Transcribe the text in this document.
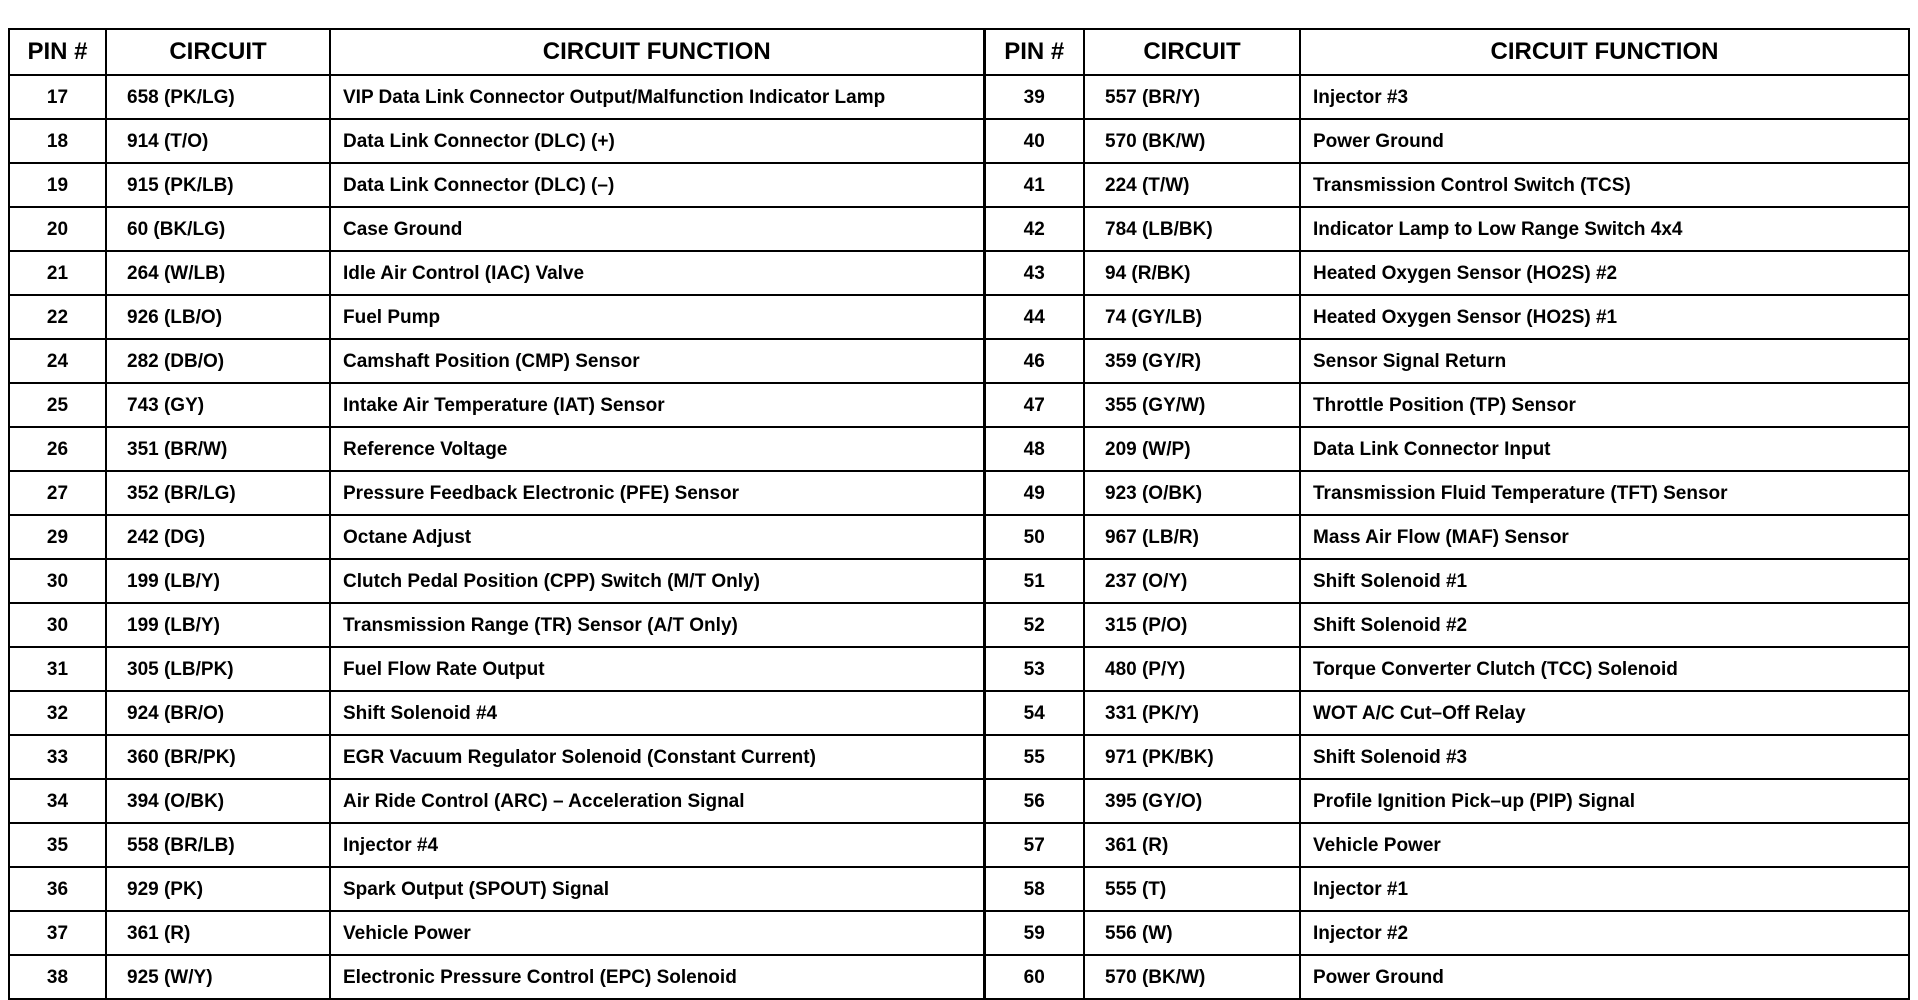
PIN #	CIRCUIT	CIRCUIT FUNCTION	PIN #	CIRCUIT	CIRCUIT FUNCTION
17	658 (PK/LG)	VIP Data Link Connector Output/Malfunction Indicator Lamp	39	557 (BR/Y)	Injector #3
18	914 (T/O)	Data Link Connector (DLC) (+)	40	570 (BK/W)	Power Ground
19	915 (PK/LB)	Data Link Connector (DLC) (–)	41	224 (T/W)	Transmission Control Switch (TCS)
20	60 (BK/LG)	Case Ground	42	784 (LB/BK)	Indicator Lamp to Low Range Switch 4x4
21	264 (W/LB)	Idle Air Control (IAC) Valve	43	94 (R/BK)	Heated Oxygen Sensor (HO2S) #2
22	926 (LB/O)	Fuel Pump	44	74 (GY/LB)	Heated Oxygen Sensor (HO2S) #1
24	282 (DB/O)	Camshaft Position (CMP) Sensor	46	359 (GY/R)	Sensor Signal Return
25	743 (GY)	Intake Air Temperature (IAT) Sensor	47	355 (GY/W)	Throttle Position (TP) Sensor
26	351 (BR/W)	Reference Voltage	48	209 (W/P)	Data Link Connector Input
27	352 (BR/LG)	Pressure Feedback Electronic (PFE) Sensor	49	923 (O/BK)	Transmission Fluid Temperature (TFT) Sensor
29	242 (DG)	Octane Adjust	50	967 (LB/R)	Mass Air Flow (MAF) Sensor
30	199 (LB/Y)	Clutch Pedal Position (CPP) Switch (M/T Only)	51	237 (O/Y)	Shift Solenoid #1
30	199 (LB/Y)	Transmission Range (TR) Sensor (A/T Only)	52	315 (P/O)	Shift Solenoid #2
31	305 (LB/PK)	Fuel Flow Rate Output	53	480 (P/Y)	Torque Converter Clutch (TCC) Solenoid
32	924 (BR/O)	Shift Solenoid #4	54	331 (PK/Y)	WOT A/C Cut–Off Relay
33	360 (BR/PK)	EGR Vacuum Regulator Solenoid (Constant Current)	55	971 (PK/BK)	Shift Solenoid #3
34	394 (O/BK)	Air Ride Control (ARC) – Acceleration Signal	56	395 (GY/O)	Profile Ignition Pick–up (PIP) Signal
35	558 (BR/LB)	Injector #4	57	361 (R)	Vehicle Power
36	929 (PK)	Spark Output (SPOUT) Signal	58	555 (T)	Injector #1
37	361 (R)	Vehicle Power	59	556 (W)	Injector #2
38	925 (W/Y)	Electronic Pressure Control (EPC) Solenoid	60	570 (BK/W)	Power Ground
